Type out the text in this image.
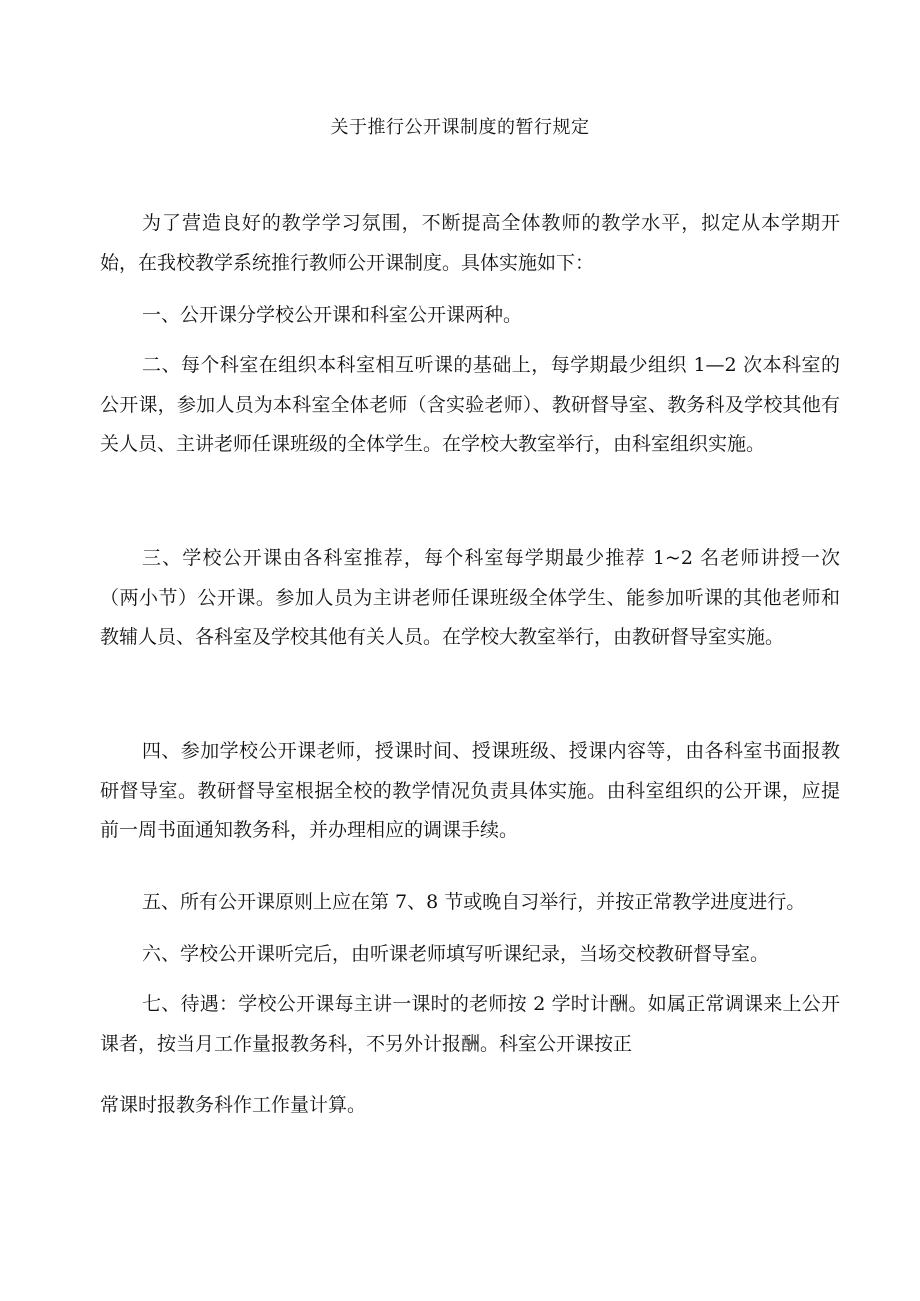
关于推行公开课制度的暂行规定

为了营造良好的教学学习氛围，不断提高全体教师的教学水平，拟定从本学期开始，在我校教学系统推行教师公开课制度。具体实施如下：

一、公开课分学校公开课和科室公开课两种。

二、每个科室在组织本科室相互听课的基础上，每学期最少组织 1—2 次本科室的公开课，参加人员为本科室全体老师（含实验老师）、教研督导室、教务科及学校其他有关人员、主讲老师任课班级的全体学生。在学校大教室举行，由科室组织实施。

三、学校公开课由各科室推荐，每个科室每学期最少推荐 1~2 名老师讲授一次（两小节）公开课。参加人员为主讲老师任课班级全体学生、能参加听课的其他老师和教辅人员、各科室及学校其他有关人员。在学校大教室举行，由教研督导室实施。

四、参加学校公开课老师，授课时间、授课班级、授课内容等，由各科室书面报教研督导室。教研督导室根据全校的教学情况负责具体实施。由科室组织的公开课，应提前一周书面通知教务科，并办理相应的调课手续。

五、所有公开课原则上应在第 7、8 节或晚自习举行，并按正常教学进度进行。

六、学校公开课听完后，由听课老师填写听课纪录，当场交校教研督导室。

七、待遇：学校公开课每主讲一课时的老师按 2 学时计酬。如属正常调课来上公开课者，按当月工作量报教务科，不另外计报酬。科室公开课按正

常课时报教务科作工作量计算。
